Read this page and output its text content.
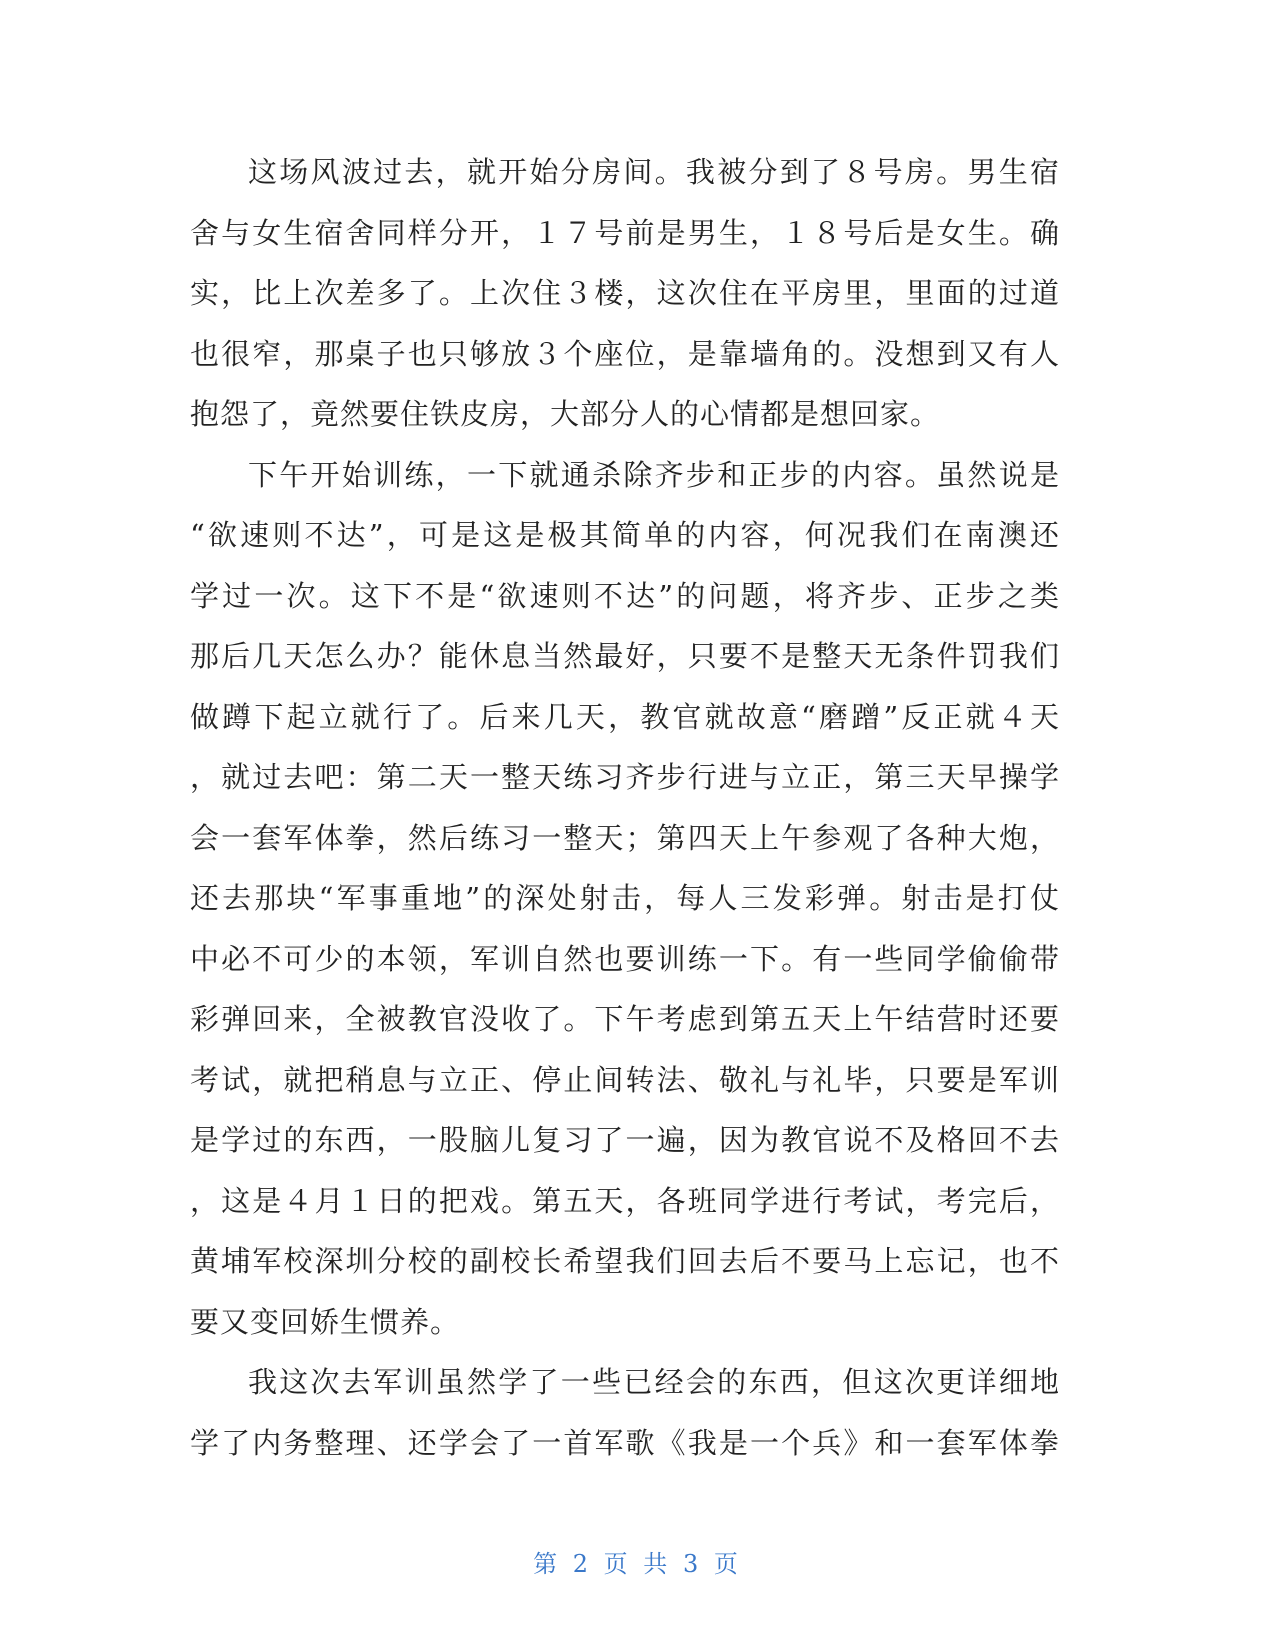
这场风波过去，就开始分房间。我被分到了８号房。男生宿
舍与女生宿舍同样分开，１７号前是男生，１８号后是女生。确
实，比上次差多了。上次住３楼，这次住在平房里，里面的过道
也很窄，那桌子也只够放３个座位，是靠墙角的。没想到又有人
抱怨了，竟然要住铁皮房，大部分人的心情都是想回家。
下午开始训练，一下就通杀除齐步和正步的内容。虽然说是
“欲速则不达”，可是这是极其简单的内容，何况我们在南澳还
学过一次。这下不是“欲速则不达”的问题，将齐步、正步之类
那后几天怎么办？能休息当然最好，只要不是整天无条件罚我们
做蹲下起立就行了。后来几天，教官就故意“磨蹭”反正就４天
，就过去吧：第二天一整天练习齐步行进与立正，第三天早操学
会一套军体拳，然后练习一整天；第四天上午参观了各种大炮，
还去那块“军事重地”的深处射击，每人三发彩弹。射击是打仗
中必不可少的本领，军训自然也要训练一下。有一些同学偷偷带
彩弹回来，全被教官没收了。下午考虑到第五天上午结营时还要
考试，就把稍息与立正、停止间转法、敬礼与礼毕，只要是军训
是学过的东西，一股脑儿复习了一遍，因为教官说不及格回不去
，这是４月１日的把戏。第五天，各班同学进行考试，考完后，
黄埔军校深圳分校的副校长希望我们回去后不要马上忘记，也不
要又变回娇生惯养。
我这次去军训虽然学了一些已经会的东西，但这次更详细地
学了内务整理、还学会了一首军歌《我是一个兵》和一套军体拳
第 2 页 共 3 页
